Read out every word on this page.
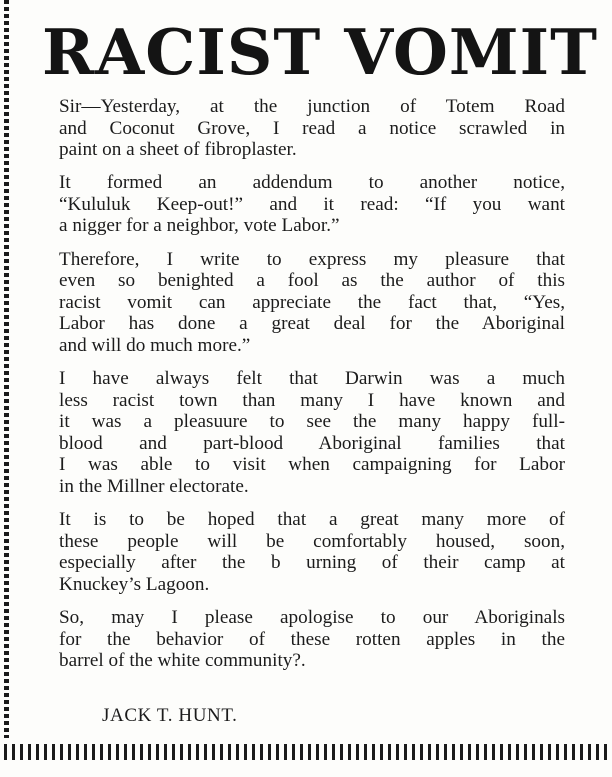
RACIST VOMIT

Sir—Yesterday, at the junction of Totem Road
and Coconut Grove, I read a notice scrawled in
paint on a sheet of fibroplaster.

It formed an addendum to another notice,
“Kululuk Keep-out!” and it read: “If you want
a nigger for a neighbor, vote Labor.”

Therefore, I write to express my pleasure that
even so benighted a fool as the author of this
racist vomit can appreciate the fact that, “Yes,
Labor has done a great deal for the Aboriginal
and will do much more.”

I have always felt that Darwin was a much
less racist town than many I have known and
it was a pleasuure to see the many happy full-
blood and part-blood Aboriginal families that
I was able to visit when campaigning for Labor
in the Millner electorate.

It is to be hoped that a great many more of
these people will be comfortably housed, soon,
especially after the b urning of their camp at
Knuckey’s Lagoon.

So, may I please apologise to our Aboriginals
for the behavior of these rotten apples in the
barrel of the white community?.

JACK T. HUNT.
